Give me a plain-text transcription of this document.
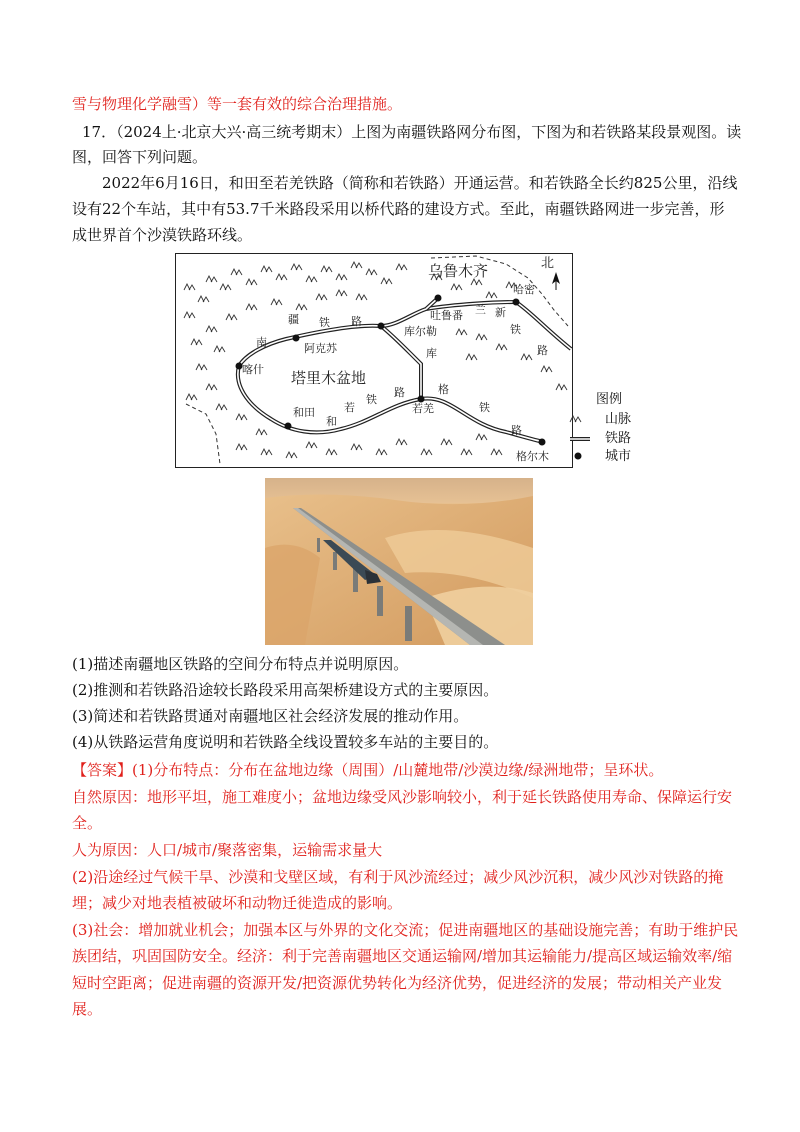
雪与物理化学融雪）等一套有效的综合治理措施。
17．（2024上·北京大兴·高三统考期末）上图为南疆铁路网分布图，下图为和若铁路某段景观图。读
图，回答下列问题。
2022年6月16日，和田至若羌铁路（简称和若铁路）开通运营。和若铁路全长约825公里，沿线
设有22个车站，其中有53.7千米路段采用以桥代路的建设方式。至此，南疆铁路网进一步完善，形
成世界首个沙漠铁路环线。
北
乌鲁木齐
哈密
吐鲁番 兰 新
铁
路
库尔勒
疆 铁 路
南	阿克苏	库
喀什 塔里木盆地
路	格
铁
若
和田	若羌	铁
和
路
格尔木
图例
山脉
铁路
城市
(1)描述南疆地区铁路的空间分布特点并说明原因。
(2)推测和若铁路沿途较长路段采用高架桥建设方式的主要原因。
(3)简述和若铁路贯通对南疆地区社会经济发展的推动作用。
(4)从铁路运营角度说明和若铁路全线设置较多车站的主要目的。
【答案】(1)分布特点：分布在盆地边缘（周围）/山麓地带/沙漠边缘/绿洲地带；呈环状。
自然原因：地形平坦，施工难度小；盆地边缘受风沙影响较小，利于延长铁路使用寿命、保障运行安
全。
人为原因：人口/城市/聚落密集，运输需求量大
(2)沿途经过气候干旱、沙漠和戈壁区域，有利于风沙流经过；减少风沙沉积，减少风沙对铁路的掩
埋；减少对地表植被破坏和动物迁徙造成的影响。
(3)社会：增加就业机会；加强本区与外界的文化交流；促进南疆地区的基础设施完善；有助于维护民
族团结，巩固国防安全。经济：利于完善南疆地区交通运输网/增加其运输能力/提高区域运输效率/缩
短时空距离；促进南疆的资源开发/把资源优势转化为经济优势，促进经济的发展；带动相关产业发
展。
